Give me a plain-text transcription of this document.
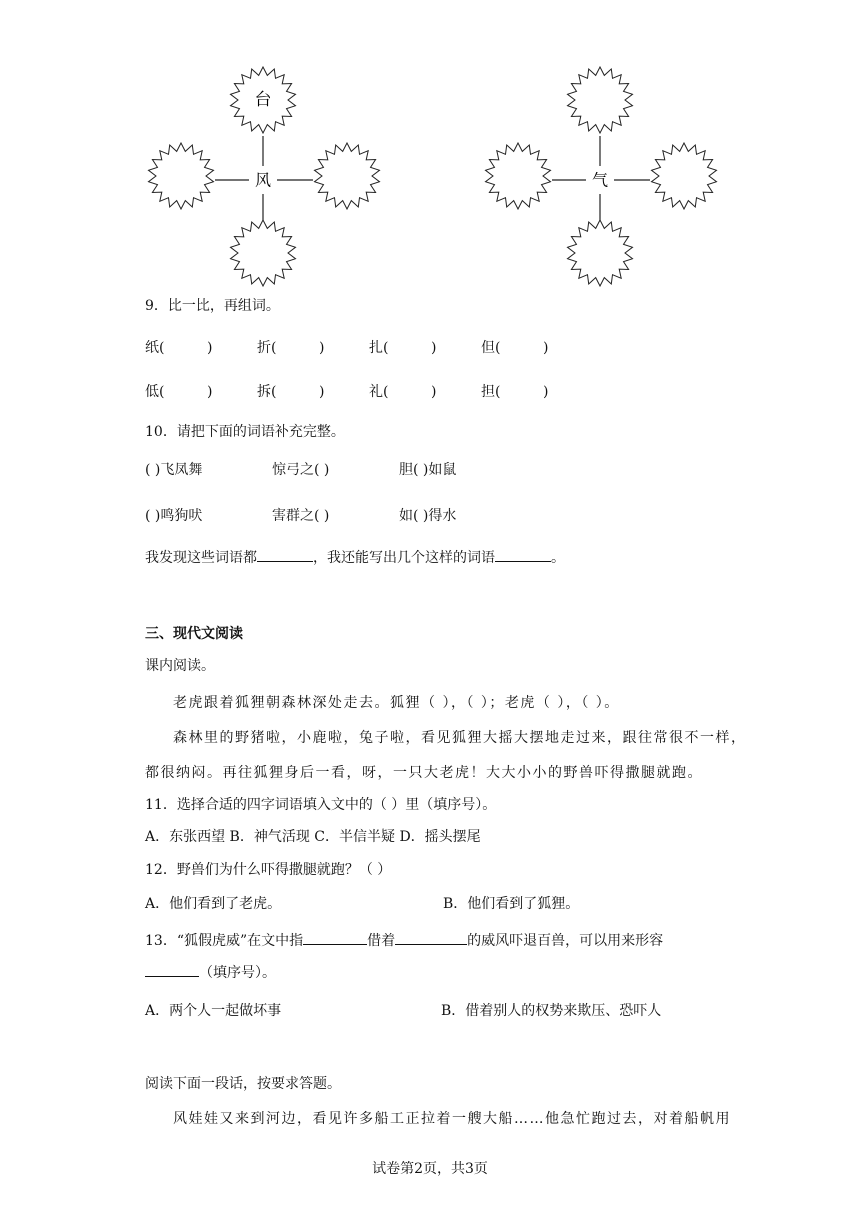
台
风	气
9．比一比，再组词。
纸(	)	折(	)	扎(	)	但(	)
低(	)	拆(	)	礼(	)	担(	)
10．请把下面的词语补充完整。
( )飞凤舞	惊弓之( )	胆( )如鼠
( )鸣狗吠	害群之( )	如( )得水
我发现这些词语都	，我还能写出几个这样的词语	。
三、现代文阅读
课内阅读。
老虎跟着狐狸朝森林深处走去。狐狸（ ），（ ）；老虎（ ），（ ）。
森林里的野猪啦，小鹿啦，兔子啦，看见狐狸大摇大摆地走过来，跟往常很不一样，
都很纳闷。再往狐狸身后一看，呀，一只大老虎！大大小小的野兽吓得撒腿就跑。
11．选择合适的四字词语填入文中的（ ）里（填序号）。
A．东张西望 B．神气活现 C．半信半疑 D．摇头摆尾
12．野兽们为什么吓得撒腿就跑？（ ）
A．他们看到了老虎。	B．他们看到了狐狸。
13．“狐假虎威”在文中指	借着	的威风吓退百兽，可以用来形容
（填序号）。
A．两个人一起做坏事	B．借着别人的权势来欺压、恐吓人
阅读下面一段话，按要求答题。
风娃娃又来到河边，看见许多船工正拉着一艘大船……他急忙跑过去，对着船帆用
试卷第2页，共3页
